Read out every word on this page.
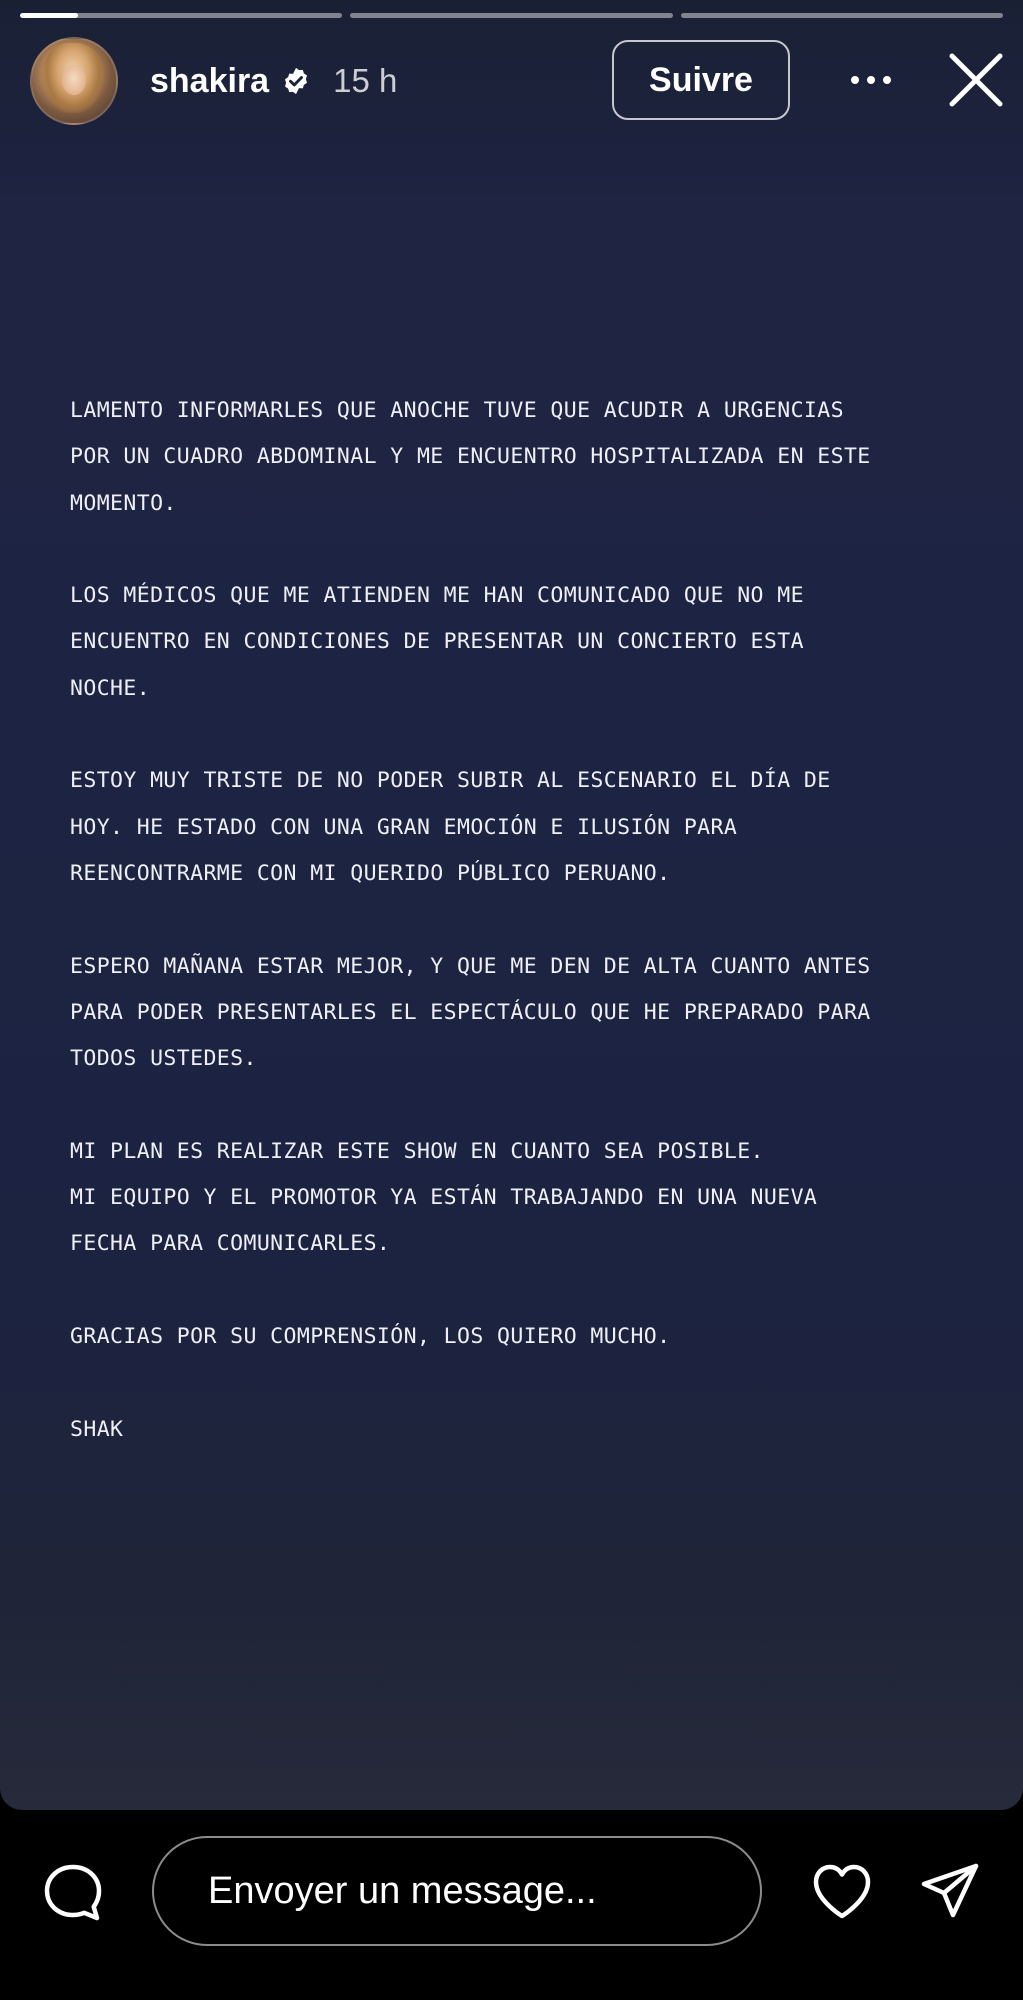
shakira 15 h	Suivre

LAMENTO INFORMARLES QUE ANOCHE TUVE QUE ACUDIR A URGENCIAS
POR UN CUADRO ABDOMINAL Y ME ENCUENTRO HOSPITALIZADA EN ESTE
MOMENTO.

LOS MÉDICOS QUE ME ATIENDEN ME HAN COMUNICADO QUE NO ME
ENCUENTRO EN CONDICIONES DE PRESENTAR UN CONCIERTO ESTA
NOCHE.

ESTOY MUY TRISTE DE NO PODER SUBIR AL ESCENARIO EL DÍA DE
HOY. HE ESTADO CON UNA GRAN EMOCIÓN E ILUSIÓN PARA
REENCONTRARME CON MI QUERIDO PÚBLICO PERUANO.

ESPERO MAÑANA ESTAR MEJOR, Y QUE ME DEN DE ALTA CUANTO ANTES
PARA PODER PRESENTARLES EL ESPECTÁCULO QUE HE PREPARADO PARA
TODOS USTEDES.

MI PLAN ES REALIZAR ESTE SHOW EN CUANTO SEA POSIBLE.
MI EQUIPO Y EL PROMOTOR YA ESTÁN TRABAJANDO EN UNA NUEVA
FECHA PARA COMUNICARLES.

GRACIAS POR SU COMPRENSIÓN, LOS QUIERO MUCHO.

SHAK

Envoyer un message...
